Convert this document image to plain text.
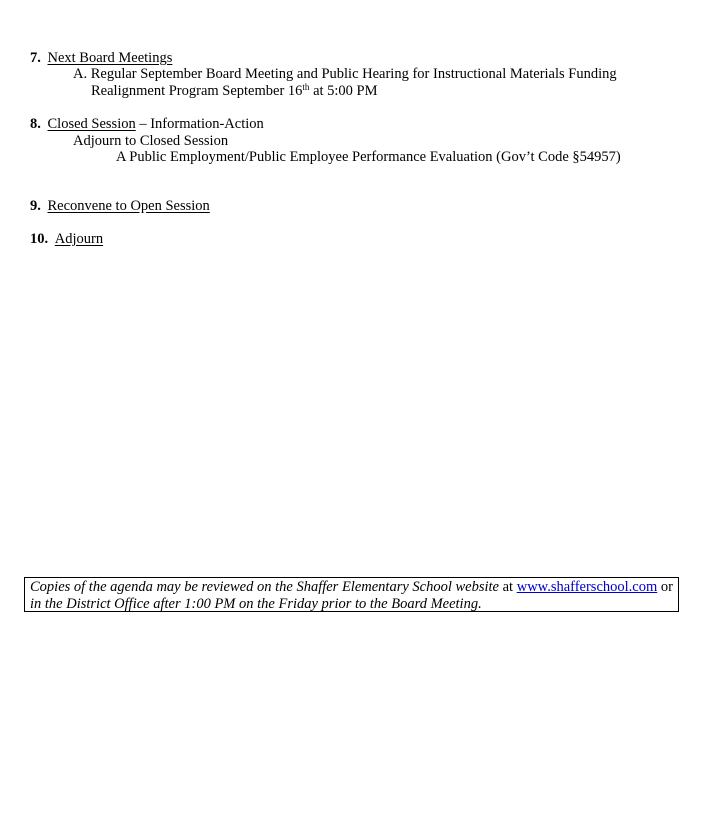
7. Next Board Meetings
A. Regular September Board Meeting and Public Hearing for Instructional Materials Funding
Realignment Program September 16th at 5:00 PM
8. Closed Session – Information-Action
Adjourn to Closed Session
A Public Employment/Public Employee Performance Evaluation (Gov’t Code §54957)
9. Reconvene to Open Session
10. Adjourn
Copies of the agenda may be reviewed on the Shaffer Elementary School website at www.shafferschool.com or
in the District Office after 1:00 PM on the Friday prior to the Board Meeting.
